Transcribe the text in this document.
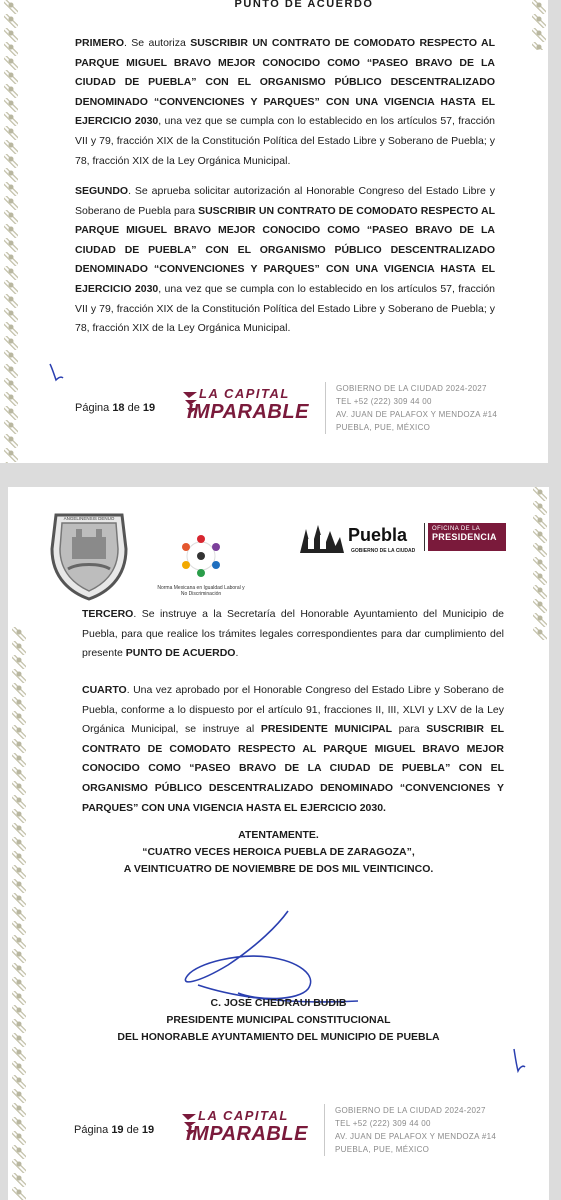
PUNTO DE ACUERDO
PRIMERO. Se autoriza SUSCRIBIR UN CONTRATO DE COMODATO RESPECTO AL PARQUE MIGUEL BRAVO MEJOR CONOCIDO COMO “PASEO BRAVO DE LA CIUDAD DE PUEBLA” CON EL ORGANISMO PÚBLICO DESCENTRALIZADO DENOMINADO “CONVENCIONES Y PARQUES” CON UNA VIGENCIA HASTA EL EJERCICIO 2030, una vez que se cumpla con lo establecido en los artículos 57, fracción VII y 79, fracción XIX de la Constitución Política del Estado Libre y Soberano de Puebla; y 78, fracción XIX de la Ley Orgánica Municipal.
SEGUNDO. Se aprueba solicitar autorización al Honorable Congreso del Estado Libre y Soberano de Puebla para SUSCRIBIR UN CONTRATO DE COMODATO RESPECTO AL PARQUE MIGUEL BRAVO MEJOR CONOCIDO COMO “PASEO BRAVO DE LA CIUDAD DE PUEBLA” CON EL ORGANISMO PÚBLICO DESCENTRALIZADO DENOMINADO “CONVENCIONES Y PARQUES” CON UNA VIGENCIA HASTA EL EJERCICIO 2030, una vez que se cumpla con lo establecido en los artículos 57, fracción VII y 79, fracción XIX de la Constitución Política del Estado Libre y Soberano de Puebla; y 78, fracción XIX de la Ley Orgánica Municipal.
Página 18 de 19
LA CAPITAL
IMPARABLE
GOBIERNO DE LA CIUDAD 2024-2027
TEL +52 (222) 309 44 00
AV. JUAN DE PALAFOX Y MENDOZA #14
PUEBLA, PUE, MÉXICO
ANGELINENSIS DENUO
Norma Mexicana en Igualdad Laboral y No Discriminación
Puebla
GOBIERNO DE LA CIUDAD
OFICINA DE LA
PRESIDENCIA
TERCERO. Se instruye a la Secretaría del Honorable Ayuntamiento del Municipio de Puebla, para que realice los trámites legales correspondientes para dar cumplimiento del presente PUNTO DE ACUERDO.
CUARTO. Una vez aprobado por el Honorable Congreso del Estado Libre y Soberano de Puebla, conforme a lo dispuesto por el artículo 91, fracciones II, III, XLVI y LXV de la Ley Orgánica Municipal, se instruye al PRESIDENTE MUNICIPAL para SUSCRIBIR EL CONTRATO DE COMODATO RESPECTO AL PARQUE MIGUEL BRAVO MEJOR CONOCIDO COMO “PASEO BRAVO DE LA CIUDAD DE PUEBLA” CON EL ORGANISMO PÚBLICO DESCENTRALIZADO DENOMINADO “CONVENCIONES Y PARQUES” CON UNA VIGENCIA HASTA EL EJERCICIO 2030.
ATENTAMENTE.
“CUATRO VECES HEROICA PUEBLA DE ZARAGOZA”,
A VEINTICUATRO DE NOVIEMBRE DE DOS MIL VEINTICINCO.
C. JOSÉ CHEDRAUI BUDIB
PRESIDENTE MUNICIPAL CONSTITUCIONAL
DEL HONORABLE AYUNTAMIENTO DEL MUNICIPIO DE PUEBLA
Página 19 de 19
LA CAPITAL
IMPARABLE
GOBIERNO DE LA CIUDAD 2024-2027
TEL +52 (222) 309 44 00
AV. JUAN DE PALAFOX Y MENDOZA #14
PUEBLA, PUE, MÉXICO
